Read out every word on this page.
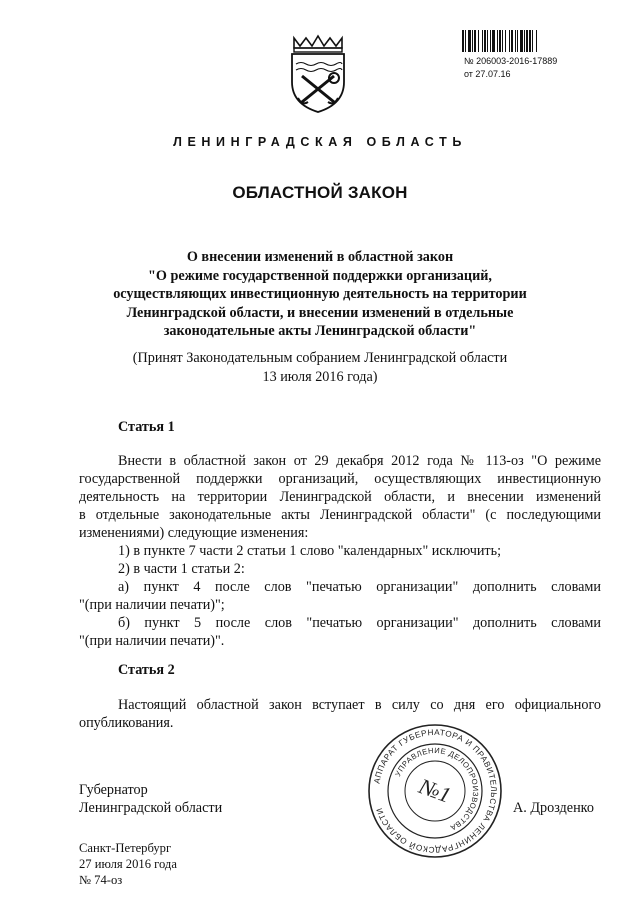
№ 206003-2016-17889
от 27.07.16
ЛЕНИНГРАДСКАЯ ОБЛАСТЬ
ОБЛАСТНОЙ ЗАКОН
О внесении изменений в областной закон
"О режиме государственной поддержки организаций,
осуществляющих инвестиционную деятельность на территории
Ленинградской области, и внесении изменений в отдельные
законодательные акты Ленинградской области"
(Принят Законодательным собранием Ленинградской области
13 июля 2016 года)
Статья 1
Внести в областной закон от 29 декабря 2012 года № 113-оз "О режиме
государственной поддержки организаций, осуществляющих инвестиционную
деятельность на территории Ленинградской области, и внесении изменений
в отдельные законодательные акты Ленинградской области" (с последующими
изменениями) следующие изменения:
1) в пункте 7 части 2 статьи 1 слово "календарных" исключить;
2) в части 1 статьи 2:
а) пункт 4 после слов "печатью организации" дополнить словами
"(при наличии печати)";
б) пункт 5 после слов "печатью организации" дополнить словами
"(при наличии печати)".
Статья 2
Настоящий областной закон вступает в силу со дня его официального
опубликования.
АППАРАТ ГУБЕРНАТОРА И ПРАВИТЕЛЬСТВА ЛЕНИНГРАДСКОЙ ОБЛАСТИ
УПРАВЛЕНИЕ ДЕЛОПРОИЗВОДСТВА
№1
Губернатор
Ленинградской области	А. Дрозденко
Санкт-Петербург
27 июля 2016 года
№ 74-оз
